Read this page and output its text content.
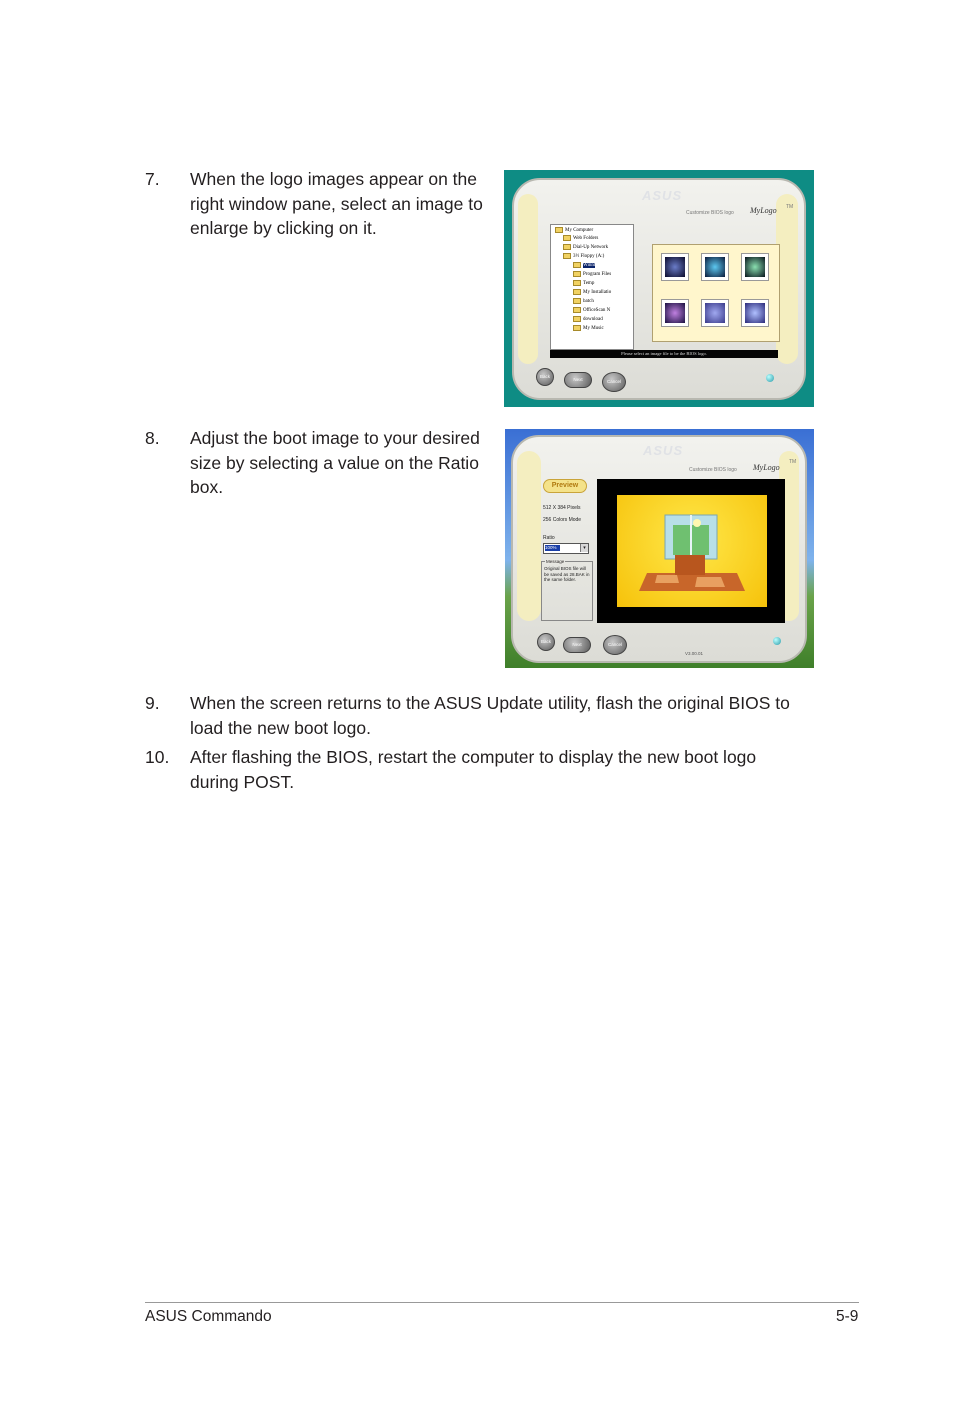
7. When the logo images appear on the
right window pane, select an image to
enlarge by clicking on it.
ASUS
Customize BIOS logo MyLogo TM
My Computer
Web Folders
Dial-Up Network
3½ Floppy (A:)
Winnt
Program Files
Temp
My Installatio
batch
OfficeScan N
download
My Music
Please select an image file to be the BIOS logo.
Back
Next	Cancel
8. Adjust the boot image to your desired
size by selecting a value on the Ratio
box.
ASUS
Customize BIOS logo MyLogo
TM
Preview
512 X 384 Pixels
256 Colors Mode
Ratio
100%	▾
Message
Original BIOS file will be saved as 28.BAK in the same folder.
Back
Next	Cancel
V3.00.01
9. When the screen returns to the ASUS Update utility, flash the original BIOS to
load the new boot logo.
10. After flashing the BIOS, restart the computer to display the new boot logo
during POST.
ASUS Commando	5-9
